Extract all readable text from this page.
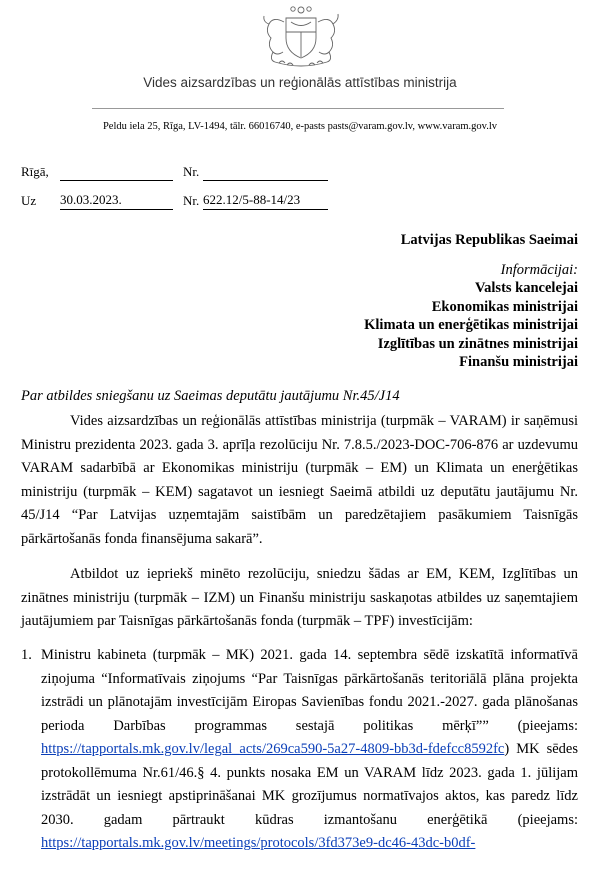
Vides aizsardzības un reģionālās attīstības ministrija
Peldu iela 25, Rīga, LV-1494, tālr. 66016740, e-pasts pasts@varam.gov.lv, www.varam.gov.lv
Rīgā,	Nr.
Uz 30.03.2023.	Nr. 622.12/5-88-14/23
Latvijas Republikas Saeimai
Informācijai:
Valsts kancelejai
Ekonomikas ministrijai
Klimata un enerģētikas ministrijai
Izglītības un zinātnes ministrijai
Finanšu ministrijai
Par atbildes sniegšanu uz Saeimas deputātu jautājumu Nr.45/J14
Vides aizsardzības un reģionālās attīstības ministrija (turpmāk – VARAM) ir saņēmusi Ministru prezidenta 2023. gada 3. aprīļa rezolūciju Nr. 7.8.5./2023-DOC-706-876 ar uzdevumu VARAM sadarbībā ar Ekonomikas ministriju (turpmāk – EM) un Klimata un enerģētikas ministriju (turpmāk – KEM) sagatavot un iesniegt Saeimā atbildi uz deputātu jautājumu Nr. 45/J14 “Par Latvijas uzņemtajām saistībām un paredzētajiem pasākumiem Taisnīgās pārkārtošanās fonda finansējuma sakarā”.
Atbildot uz iepriekš minēto rezolūciju, sniedzu šādas ar EM, KEM, Izglītības un zinātnes ministriju (turpmāk – IZM) un Finanšu ministriju saskaņotas atbildes uz saņemtajiem jautājumiem par Taisnīgas pārkārtošanās fonda (turpmāk – TPF) investīcijām:
1. Ministru kabineta (turpmāk – MK) 2021. gada 14. septembra sēdē izskatītā informatīvā ziņojuma “Informatīvais ziņojums “Par Taisnīgas pārkārtošanās teritoriālā plāna projekta izstrādi un plānotajām investīcijām Eiropas Savienības fondu 2021.-2027. gada plānošanas perioda Darbības programmas sestajā politikas mērķī”” (pieejams: https://tapportals.mk.gov.lv/legal_acts/269ca590-5a27-4809-bb3d-fdefcc8592fc) MK sēdes protokollēmuma Nr.61/46.§ 4. punkts nosaka EM un VARAM līdz 2023. gada 1. jūlijam izstrādāt un iesniegt apstiprināšanai MK grozījumus normatīvajos aktos, kas paredz līdz 2030. gadam pārtraukt kūdras izmantošanu enerģētikā (pieejams: https://tapportals.mk.gov.lv/meetings/protocols/3fd373e9-dc46-43dc-b0df-
